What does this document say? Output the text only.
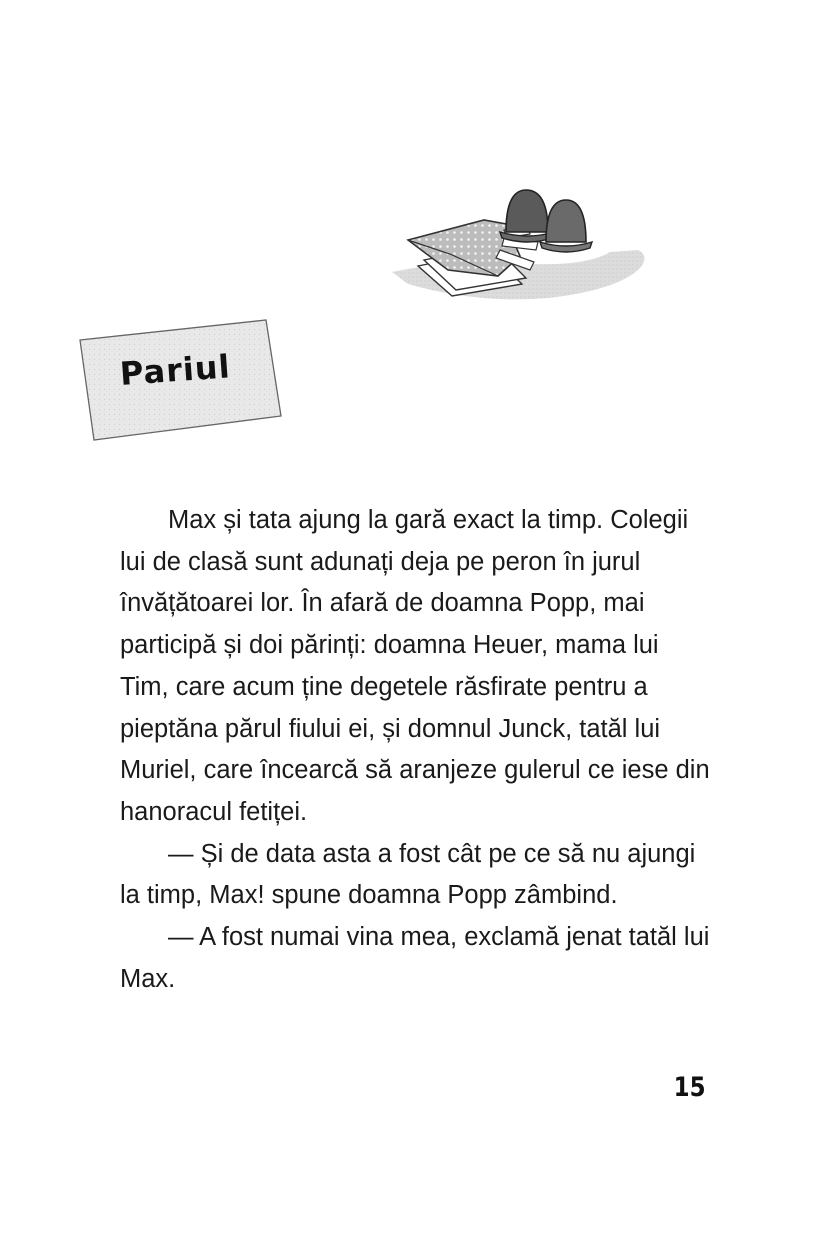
Pariul

Max și tata ajung la gară exact la timp. Colegii lui de clasă sunt adunați deja pe peron în jurul învățătoarei lor. În afară de doamna Popp, mai participă și doi părinți: doamna Heuer, mama lui Tim, care acum ține degetele răsfirate pentru a pieptăna părul fiului ei, și domnul Junck, tatăl lui Muriel, care încearcă să aranjeze gulerul ce iese din hanoracul fetiței.

— Și de data asta a fost cât pe ce să nu ajungi la timp, Max! spune doamna Popp zâmbind.

— A fost numai vina mea, exclamă jenat tatăl lui Max.

15
